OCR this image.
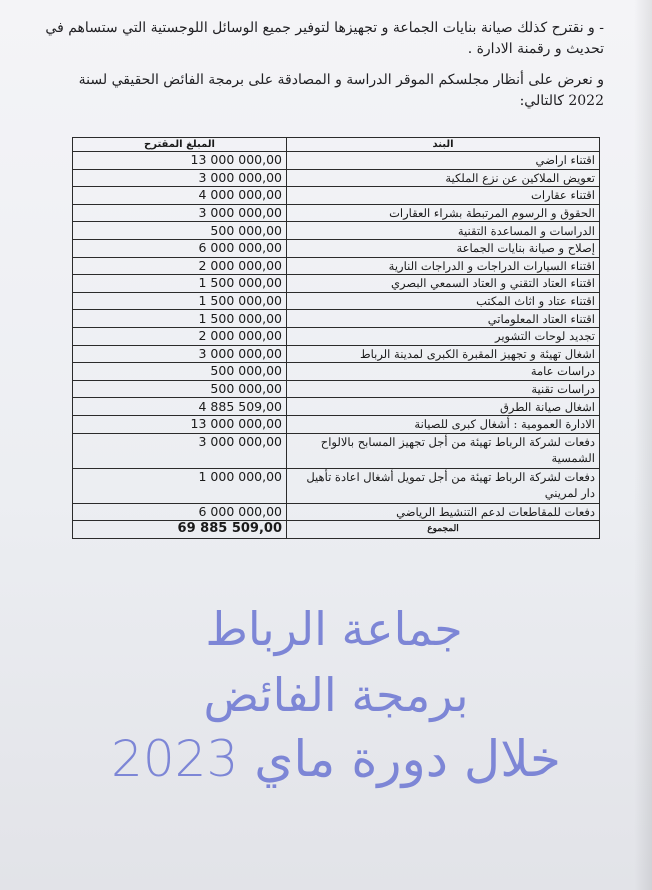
- و نقترح كذلك صيانة بنايات الجماعة و تجهيزها لتوفير جميع الوسائل اللوجستية التي ستساهم في تحديث و رقمنة الادارة .
و نعرض على أنظار مجلسكم الموقر الدراسة و المصادقة على برمجة الفائض الحقيقي لسنة 2022 كالتالي:
المبلغ المقترح	البند
13 000 000,00	اقتناء اراضي
3 000 000,00	تعويض الملاكين عن نزع الملكية
4 000 000,00	اقتناء عقارات
3 000 000,00	الحقوق و الرسوم المرتبطة بشراء العقارات
500 000,00	الدراسات و المساعدة التقنية
6 000 000,00	إصلاح و صيانة بنايات الجماعة
2 000 000,00	اقتناء السيارات الدراجات و الدراجات النارية
1 500 000,00	اقتناء العتاد التقني و العتاد السمعي البصري
1 500 000,00	اقتناء عتاد و اثاث المكتب
1 500 000,00	اقتناء العتاد المعلوماتي
2 000 000,00	تجديد لوحات التشوير
3 000 000,00	اشغال تهيئة و تجهيز المقبرة الكبرى لمدينة الرباط
500 000,00	دراسات عامة
500 000,00	دراسات تقنية
4 885 509,00	اشغال صيانة الطرق
13 000 000,00	الادارة العمومية : أشغال كبرى للصيانة
3 000 000,00	دفعات لشركة الرباط تهيئة من أجل تجهيز المسابح بالالواح الشمسية
1 000 000,00	دفعات لشركة الرباط تهيئة من أجل تمويل أشغال اعادة تأهيل دار لمريني
6 000 000,00	دفعات للمقاطعات لدعم التنشيط الرياضي
69 885 509,00	المجموع
جماعة الرباط
برمجة الفائض
خلال دورة ماي 2023
